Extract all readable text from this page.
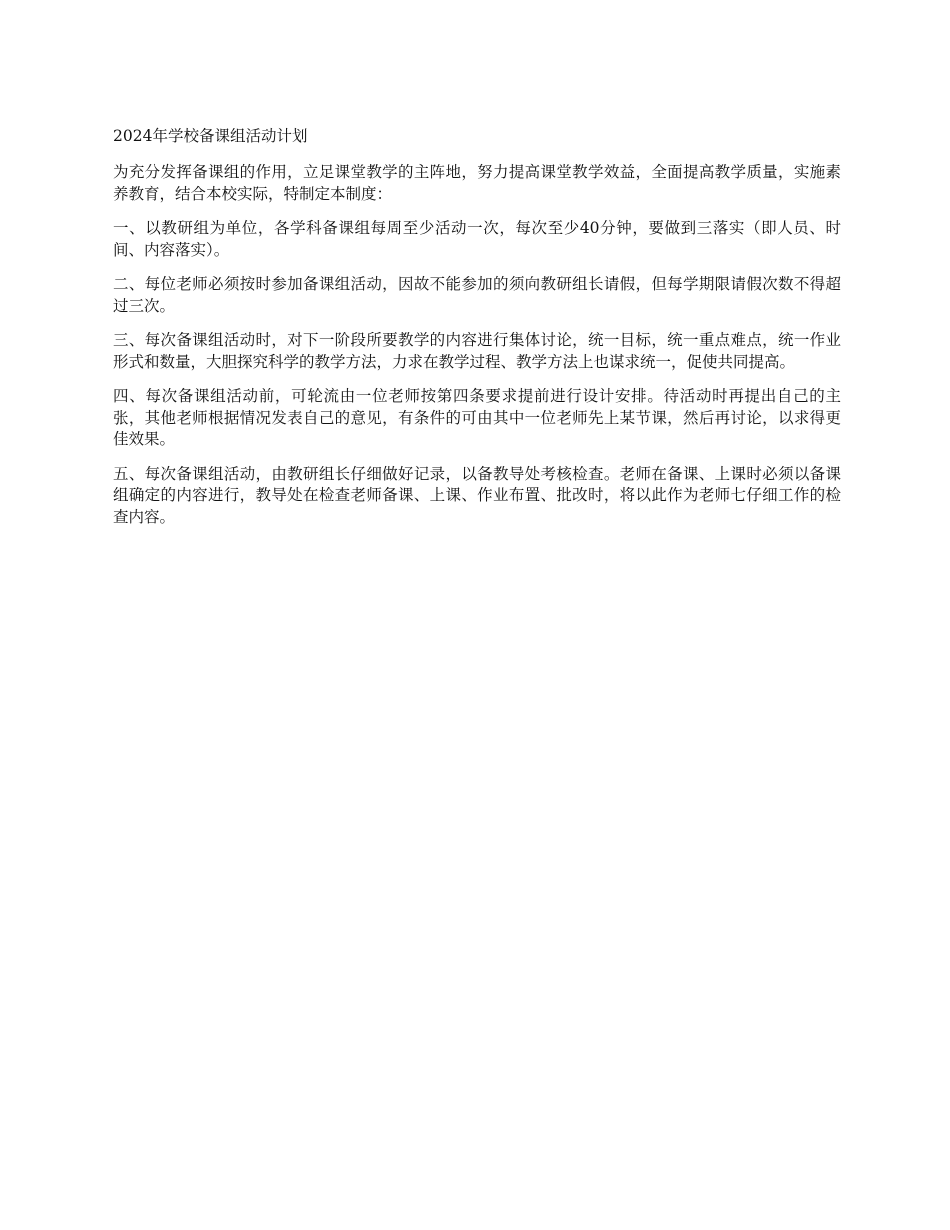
2024年学校备课组活动计划

为充分发挥备课组的作用，立足课堂教学的主阵地，努力提高课堂教学效益，全面提高教学质量，实施素养教育，结合本校实际，特制定本制度：

一、以教研组为单位，各学科备课组每周至少活动一次，每次至少40分钟，要做到三落实（即人员、时间、内容落实）。

二、每位老师必须按时参加备课组活动，因故不能参加的须向教研组长请假，但每学期限请假次数不得超过三次。

三、每次备课组活动时，对下一阶段所要教学的内容进行集体讨论，统一目标，统一重点难点，统一作业形式和数量，大胆探究科学的教学方法，力求在教学过程、教学方法上也谋求统一，促使共同提高。

四、每次备课组活动前，可轮流由一位老师按第四条要求提前进行设计安排。待活动时再提出自己的主张，其他老师根据情况发表自己的意见，有条件的可由其中一位老师先上某节课，然后再讨论，以求得更佳效果。

五、每次备课组活动，由教研组长仔细做好记录，以备教导处考核检查。老师在备课、上课时必须以备课组确定的内容进行，教导处在检查老师备课、上课、作业布置、批改时，将以此作为老师七仔细工作的检查内容。
